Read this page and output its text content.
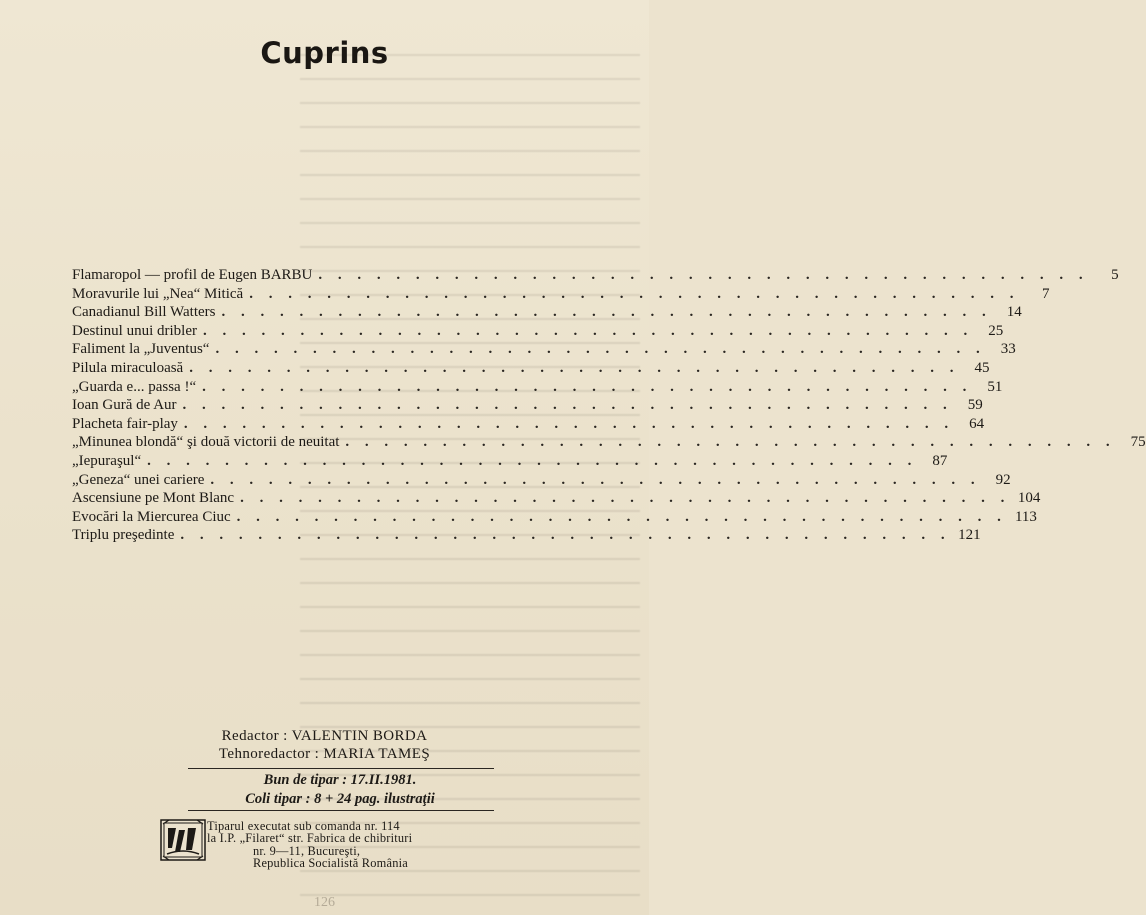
Cuprins
Flamaropol — profil de Eugen BARBU . . . . . . . . . . . . . . . . . . . . . . . . . . . . . . . . . . . . . . . .	5
Moravurile lui „Nea“ Mitică . . . . . . . . . . . . . . . . . . . . . . . . . . . . . . . . . . . . . . . .	7
Canadianul Bill Watters . . . . . . . . . . . . . . . . . . . . . . . . . . . . . . . . . . . . . . . .	14
Destinul unui dribler . . . . . . . . . . . . . . . . . . . . . . . . . . . . . . . . . . . . . . . .	25
Faliment la „Juventus“ . . . . . . . . . . . . . . . . . . . . . . . . . . . . . . . . . . . . . . . .	33
Pilula miraculoasă . . . . . . . . . . . . . . . . . . . . . . . . . . . . . . . . . . . . . . . .	45
„Guarda e... passa !“ . . . . . . . . . . . . . . . . . . . . . . . . . . . . . . . . . . . . . . . .	51
Ioan Gură de Aur . . . . . . . . . . . . . . . . . . . . . . . . . . . . . . . . . . . . . . . .	59
Placheta fair-play . . . . . . . . . . . . . . . . . . . . . . . . . . . . . . . . . . . . . . . .	64
„Minunea blondă“ şi două victorii de neuitat . . . . . . . . . . . . . . . . . . . . . . . . . . . . . . . . . . . . . . . .	75
„Iepuraşul“ . . . . . . . . . . . . . . . . . . . . . . . . . . . . . . . . . . . . . . . .	87
„Geneza“ unei cariere . . . . . . . . . . . . . . . . . . . . . . . . . . . . . . . . . . . . . . . .	92
Ascensiune pe Mont Blanc . . . . . . . . . . . . . . . . . . . . . . . . . . . . . . . . . . . . . . . . 104
Evocări la Miercurea Ciuc . . . . . . . . . . . . . . . . . . . . . . . . . . . . . . . . . . . . . . . . 113
Triplu preşedinte . . . . . . . . . . . . . . . . . . . . . . . . . . . . . . . . . . . . . . . . 121
Redactor : VALENTIN BORDA
Tehnoredactor : MARIA TAMEŞ
Bun de tipar : 17.II.1981.
Coli tipar : 8 + 24 pag. ilustraţii
Tiparul executat sub comanda nr. 114
la I.P. „Filaret“ str. Fabrica de chibrituri
nr. 9—11, Bucureşti,
Republica Socialistă România
126
